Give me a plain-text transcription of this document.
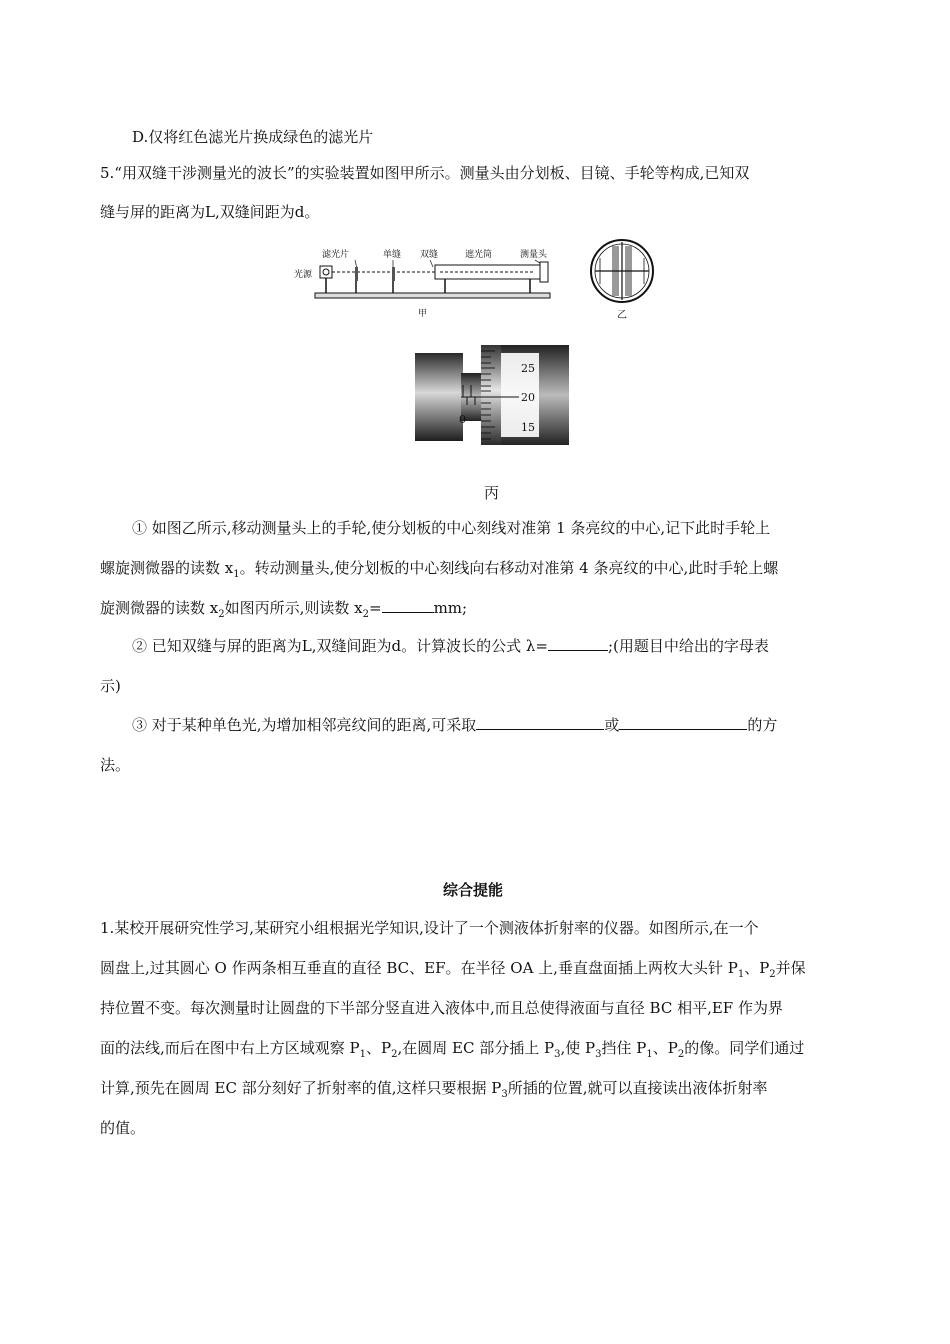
D.仅将红色滤光片换成绿色的滤光片
5.“用双缝干涉测量光的波长”的实验装置如图甲所示。测量头由分划板、目镜、手轮等构成,已知双
缝与屏的距离为L,双缝间距为d。
滤光片	单缝 双缝	遮光筒	测量头
光源
甲	乙
0
25
20
15
丙
① 如图乙所示,移动测量头上的手轮,使分划板的中心刻线对准第 1 条亮纹的中心,记下此时手轮上
螺旋测微器的读数 $x_1$。转动测量头,使分划板的中心刻线向右移动对准第 4 条亮纹的中心,此时手轮上螺
旋测微器的读数 $x_2$如图丙所示,则读数 $x_2=$	mm;
② 已知双缝与屏的距离为L,双缝间距为d。计算波长的公式 λ=	;(用题目中给出的字母表
示)
③ 对于某种单色光,为增加相邻亮纹间的距离,可采取	或	的方
法。
综合提能
1.某校开展研究性学习,某研究小组根据光学知识,设计了一个测液体折射率的仪器。如图所示,在一个
圆盘上,过其圆心 O 作两条相互垂直的直径 BC、EF。在半径 OA 上,垂直盘面插上两枚大头针 $P_1$、$P_2$并保
持位置不变。每次测量时让圆盘的下半部分竖直进入液体中,而且总使得液面与直径 BC 相平,EF 作为界
面的法线,而后在图中右上方区域观察 $P_1$、$P_2$,在圆周 EC 部分插上 $P_3$,使 $P_3$挡住 $P_1$、$P_2$的像。同学们通过
计算,预先在圆周 EC 部分刻好了折射率的值,这样只要根据 $P_3$所插的位置,就可以直接读出液体折射率
的值。
